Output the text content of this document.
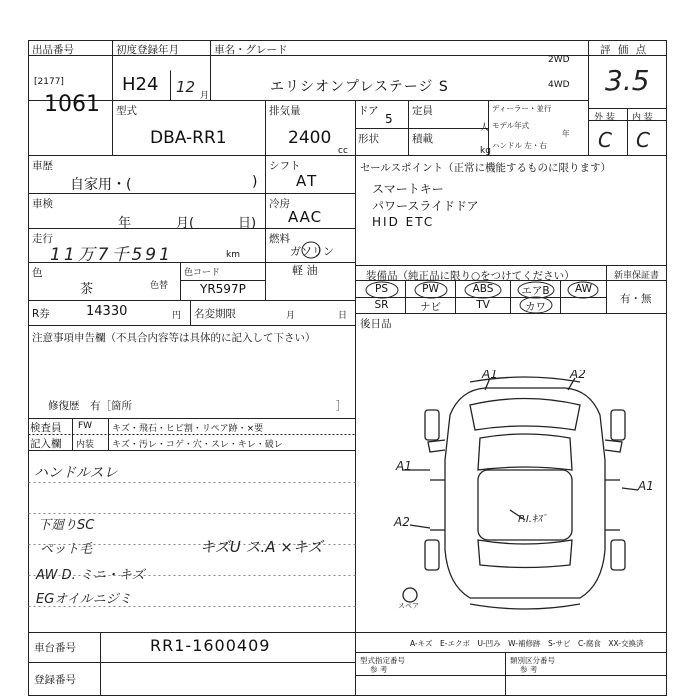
出品番号
[2177]
1061
初度登録年月
H24 12 月
車名・グレード
エリシオンプレステージ S
2WD
4WD
評 価 点
3.5
外 装 内 装
C C
型式
DBA-RR1
排気量
2400
cc
ドア
5
定員
人
形状	積載
kg
ディーラー・並行
モデル年式
年
ハンドル 左・右
車歴
自家用・(	)
シフト
AT
車検
年	月(	日)
冷房
AAC
走行
11万7千591	km
燃料
ガソリン
軽 油
色
茶	色替
色コード
YR597P
R券	14330	円 名変期限	月	日
注意事項申告欄（不具合内容等は具体的に記入して下さい）
修復歴　有［箇所	］
検査員
記入欄
FW キズ・飛石・ヒビ割・リペア跡・×要
内装 キズ・汚レ・コゲ・穴・スレ・キレ・破レ
ハンドルスレ
下廻りSC
ペット毛	キズU ス.A ×キズ
AW D. ミニ・キズ
EGオイルニジミ
セールスポイント（正常に機能するものに限ります）
スマートキー
パワースライドドア
HID ETC
装備品（純正品に限り○をつけてください）	新車保証書
有・無
PS	PW	ABS	エアB	AW
SR	ナビ	TV	カワ
後日品
A1	A2
A1
A1
A2	P.I.ｷｽﾞ
スペア
A-キズ　E-エクボ　U-凹み　W-補修跡　S-サビ　C-腐食　XX-交換済
車台番号	RR1-1600409
登録番号
型式指定番号
参 考
類別区分番号
参 考
